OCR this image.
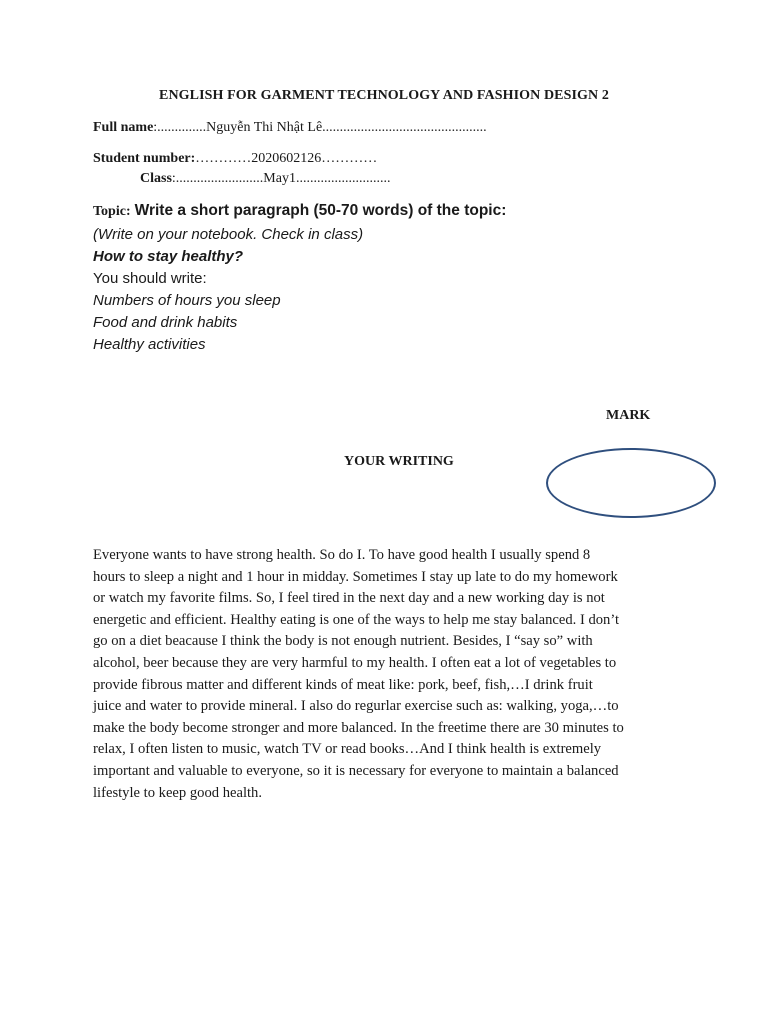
ENGLISH FOR GARMENT TECHNOLOGY AND FASHION DESIGN 2
Full name:..............Nguyễn Thi Nhật Lê...............................................
Student number:…………2020602126…………
Class:.........................May1...........................
Topic: Write a short paragraph (50-70 words) of the topic:
(Write on your notebook. Check in class)
How to stay healthy?
You should write:
Numbers of hours you sleep
Food and drink habits
Healthy activities
MARK
YOUR WRITING
Everyone wants to have strong health. So do I. To have good health I usually spend 8
hours to sleep a night and 1 hour in midday. Sometimes I stay up late to do my homework
or watch my favorite films. So, I feel tired in the next day and a new working day is not
energetic and efficient. Healthy eating is one of the ways to help me stay balanced. I don’t
go on a diet beacause I think the body is not enough nutrient. Besides, I “say so” with
alcohol, beer because they are very harmful to my health. I often eat a lot of vegetables to
provide fibrous matter and different kinds of meat like: pork, beef, fish,…I drink fruit
juice and water to provide mineral. I also do regurlar exercise such as: walking, yoga,…to
make the body become stronger and more balanced. In the freetime there are 30 minutes to
relax, I often listen to music, watch TV or read books…And I think health is extremely
important and valuable to everyone, so it is necessary for everyone to maintain a balanced
lifestyle to keep good health.
